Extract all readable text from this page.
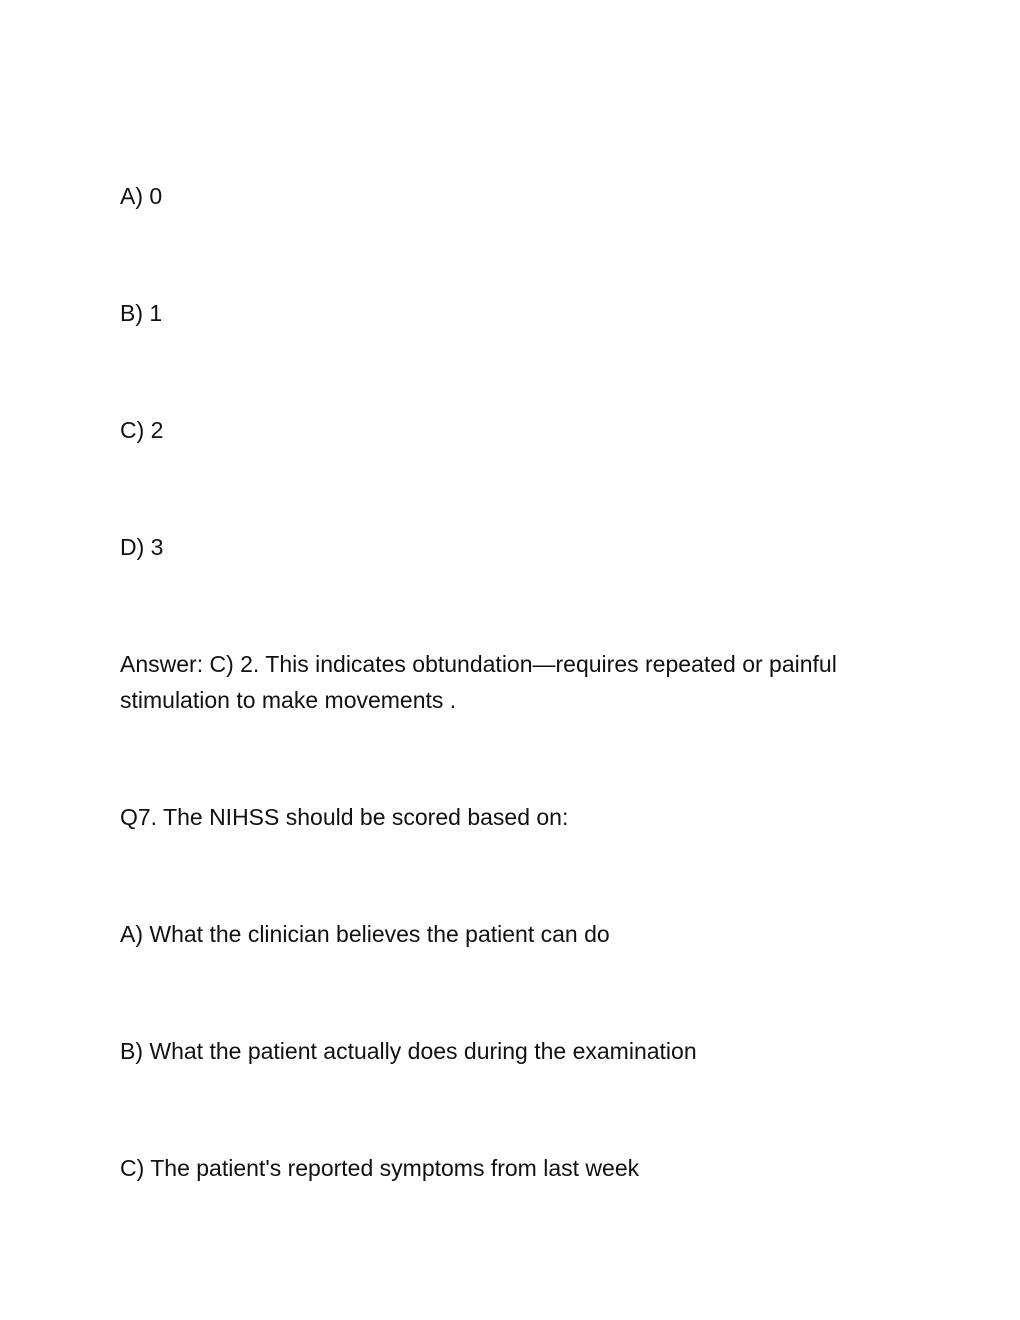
A) 0
B) 1
C) 2
D) 3
Answer: C) 2. This indicates obtundation—requires repeated or painful stimulation to make movements .
Q7. The NIHSS should be scored based on:
A) What the clinician believes the patient can do
B) What the patient actually does during the examination
C) The patient's reported symptoms from last week
